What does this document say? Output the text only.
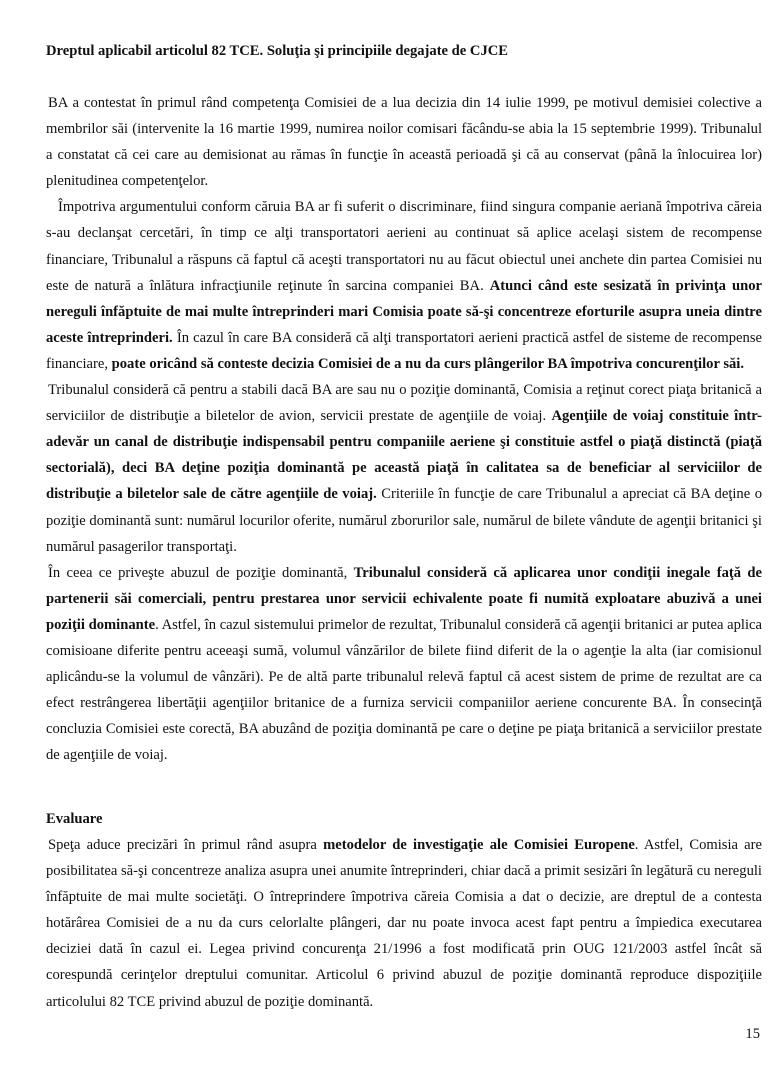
Dreptul aplicabil articolul 82 TCE. Soluţia şi principiile degajate de CJCE

BA a contestat în primul rând competenţa Comisiei de a lua decizia din 14 iulie 1999, pe motivul demisiei colective a membrilor săi (intervenite la 16 martie 1999, numirea noilor comisari făcându-se abia la 15 septembrie 1999). Tribunalul a constatat că cei care au demisionat au rămas în funcţie în această perioadă şi că au conservat (până la înlocuirea lor) plenitudinea competenţelor.

Împotriva argumentului conform căruia BA ar fi suferit o discriminare, fiind singura companie aeriană împotriva căreia s-au declanşat cercetări, în timp ce alţi transportatori aerieni au continuat să aplice acelaşi sistem de recompense financiare, Tribunalul a răspuns că faptul că aceşti transportatori nu au făcut obiectul unei anchete din partea Comisiei nu este de natură a înlătura infracţiunile reţinute în sarcina companiei BA. Atunci când este sesizată în privinţa unor nereguli înfăptuite de mai multe întreprinderi mari Comisia poate să-şi concentreze eforturile asupra uneia dintre aceste întreprinderi. În cazul în care BA consideră că alţi transportatori aerieni practică astfel de sisteme de recompense financiare, poate oricând să conteste decizia Comisiei de a nu da curs plângerilor BA împotriva concurenţilor săi.

Tribunalul consideră că pentru a stabili dacă BA are sau nu o poziţie dominantă, Comisia a reţinut corect piaţa britanică a serviciilor de distribuţie a biletelor de avion, servicii prestate de agenţiile de voiaj. Agenţiile de voiaj constituie într-adevăr un canal de distribuţie indispensabil pentru companiile aeriene şi constituie astfel o piaţă distinctă (piaţă sectorială), deci BA deţine poziţia dominantă pe această piaţă în calitatea sa de beneficiar al serviciilor de distribuţie a biletelor sale de către agenţiile de voiaj. Criteriile în funcţie de care Tribunalul a apreciat că BA deţine o poziţie dominantă sunt: numărul locurilor oferite, numărul zborurilor sale, numărul de bilete vândute de agenţii britanici şi numărul pasagerilor transportaţi.

În ceea ce priveşte abuzul de poziţie dominantă, Tribunalul consideră că aplicarea unor condiţii inegale faţă de partenerii săi comerciali, pentru prestarea unor servicii echivalente poate fi numită exploatare abuzivă a unei poziţii dominante. Astfel, în cazul sistemului primelor de rezultat, Tribunalul consideră că agenţii britanici ar putea aplica comisioane diferite pentru aceeaşi sumă, volumul vânzărilor de bilete fiind diferit de la o agenţie la alta (iar comisionul aplicându-se la volumul de vânzări). Pe de altă parte tribunalul relevă faptul că acest sistem de prime de rezultat are ca efect restrângerea libertăţii agenţiilor britanice de a furniza servicii companiilor aeriene concurente BA. În consecinţă concluzia Comisiei este corectă, BA abuzând de poziţia dominantă pe care o deţine pe piaţa britanică a serviciilor prestate de agenţiile de voiaj.

Evaluare

Speţa aduce precizări în primul rând asupra metodelor de investigaţie ale Comisiei Europene. Astfel, Comisia are posibilitatea să-şi concentreze analiza asupra unei anumite întreprinderi, chiar dacă a primit sesizări în legătură cu nereguli înfăptuite de mai multe societăţi. O întreprindere împotriva căreia Comisia a dat o decizie, are dreptul de a contesta hotărârea Comisiei de a nu da curs celorlalte plângeri, dar nu poate invoca acest fapt pentru a împiedica executarea deciziei dată în cazul ei. Legea privind concurenţa 21/1996 a fost modificată prin OUG 121/2003 astfel încât să corespundă cerinţelor dreptului comunitar. Articolul 6 privind abuzul de poziţie dominantă reproduce dispoziţiile articolului 82 TCE privind abuzul de poziţie dominantă.

15
